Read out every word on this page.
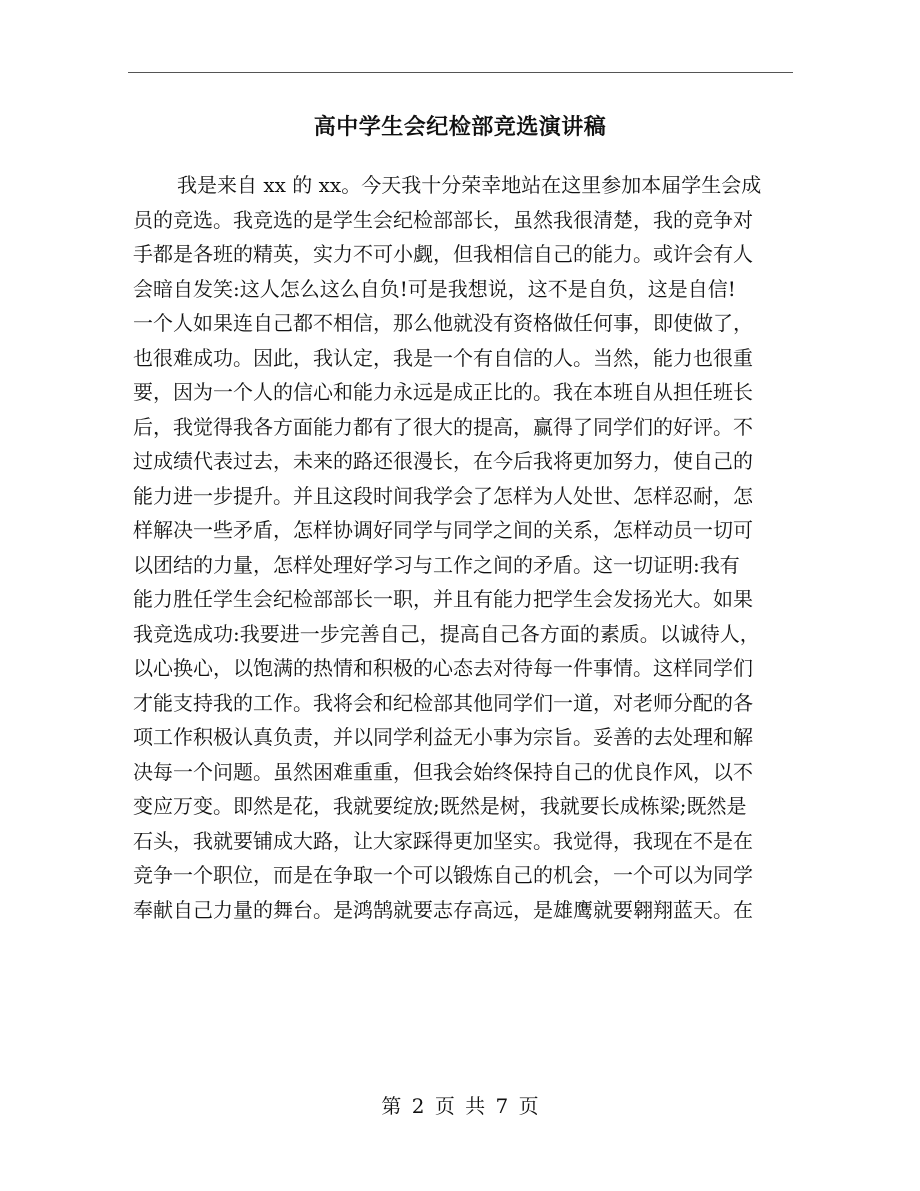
高中学生会纪检部竞选演讲稿
我是来自 xx 的 xx。今天我十分荣幸地站在这里参加本届学生会成
员的竞选。我竞选的是学生会纪检部部长，虽然我很清楚，我的竞争对
手都是各班的精英，实力不可小觑，但我相信自己的能力。或许会有人
会暗自发笑:这人怎么这么自负!可是我想说，这不是自负，这是自信!
一个人如果连自己都不相信，那么他就没有资格做任何事，即使做了，
也很难成功。因此，我认定，我是一个有自信的人。当然，能力也很重
要，因为一个人的信心和能力永远是成正比的。我在本班自从担任班长
后，我觉得我各方面能力都有了很大的提高，赢得了同学们的好评。不
过成绩代表过去，未来的路还很漫长，在今后我将更加努力，使自己的
能力进一步提升。并且这段时间我学会了怎样为人处世、怎样忍耐，怎
样解决一些矛盾，怎样协调好同学与同学之间的关系，怎样动员一切可
以团结的力量，怎样处理好学习与工作之间的矛盾。这一切证明:我有
能力胜任学生会纪检部部长一职，并且有能力把学生会发扬光大。如果
我竞选成功:我要进一步完善自己，提高自己各方面的素质。以诚待人，
以心换心，以饱满的热情和积极的心态去对待每一件事情。这样同学们
才能支持我的工作。我将会和纪检部其他同学们一道，对老师分配的各
项工作积极认真负责，并以同学利益无小事为宗旨。妥善的去处理和解
决每一个问题。虽然困难重重，但我会始终保持自己的优良作风，以不
变应万变。即然是花，我就要绽放;既然是树，我就要长成栋梁;既然是
石头，我就要铺成大路，让大家踩得更加坚实。我觉得，我现在不是在
竞争一个职位，而是在争取一个可以锻炼自己的机会，一个可以为同学
奉献自己力量的舞台。是鸿鹄就要志存高远，是雄鹰就要翱翔蓝天。在
第 2 页 共 7 页
